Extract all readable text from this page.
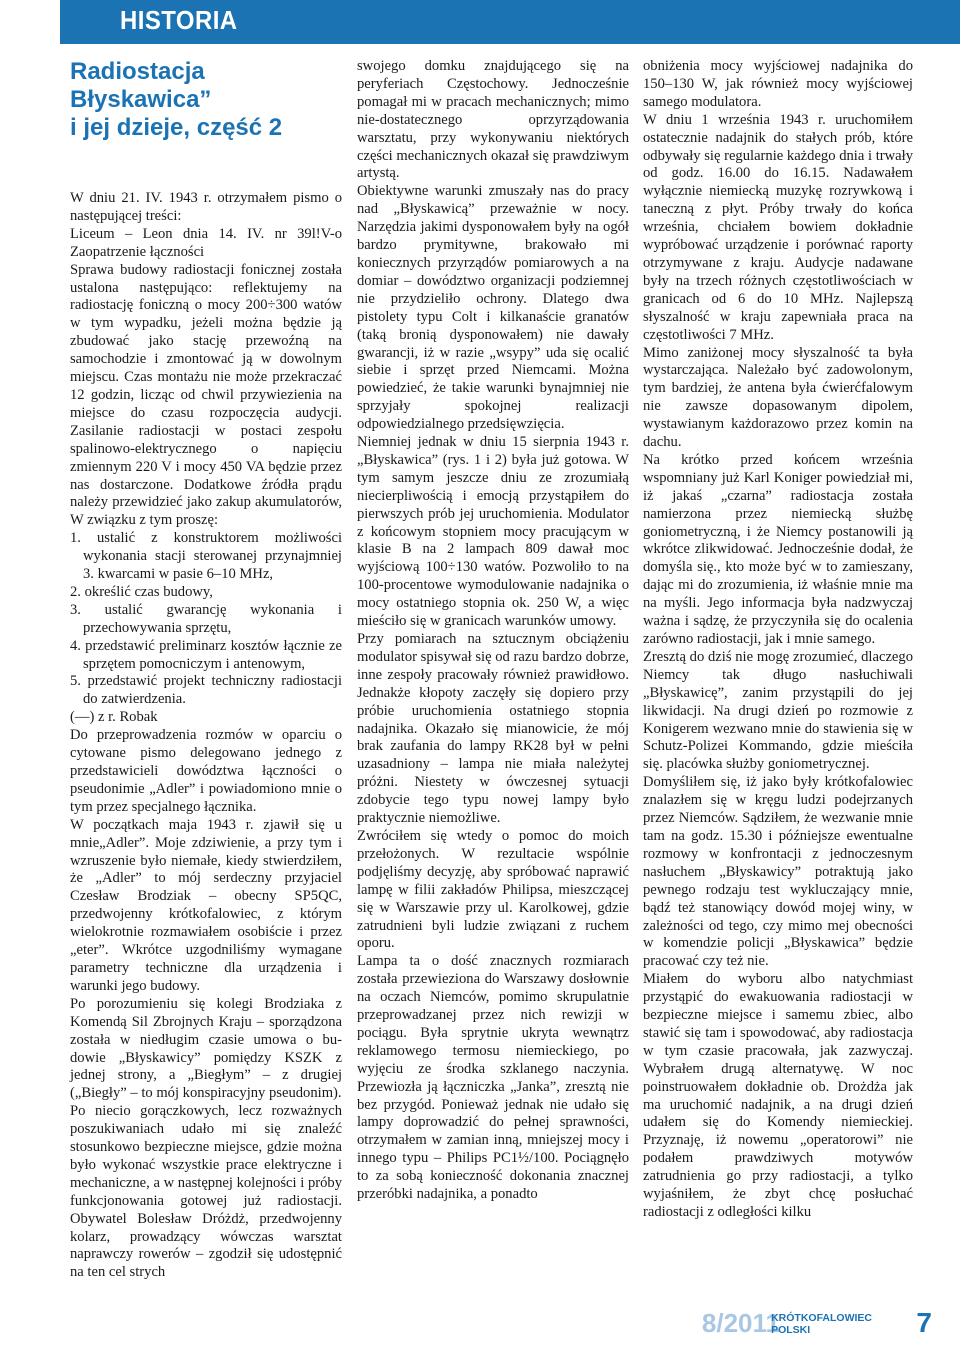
HISTORIA
Radiostacja Błyskawica”
i jej dzieje, część 2

W dniu 21. IV. 1943 r. otrzymałem pismo o następującej treści:

Liceum – Leon dnia 14. IV. nr 39l!V-o Zaopatrzenie łączności

Sprawa budowy radiostacji fonicznej została ustalona następująco: reflektujemy na radiostację foniczną o mocy 200÷300 watów w tym wypadku, jeżeli można będzie ją zbudować jako stację przewoźną na samochodzie i zmontować ją w dowolnym miejscu. Czas montażu nie może przekraczać 12 godzin, licząc od chwil przywiezienia na miejsce do czasu rozpoczęcia audycji. Zasilanie radiostacji w postaci zespołu spalinowo-elektrycznego o napięciu zmiennym 220 V i mocy 450 VA będzie przez nas dostarczone. Dodatkowe źródła prądu należy przewidzieć jako zakup akumulatorów, W związku z tym proszę:

1. ustalić z konstruktorem możliwości wykonania stacji sterowanej przynajmniej 3. kwarcami w pasie 6–10 MHz,
2. określić czas budowy,
3. ustalić gwarancję wykonania i przechowywania sprzętu,
4. przedstawić preliminarz kosztów łącznie ze sprzętem pomocniczym i antenowym,
5. przedstawić projekt techniczny radiostacji do zatwierdzenia.

(—) z r. Robak

Do przeprowadzenia rozmów w oparciu o cytowane pismo delegowano jednego z przedstawicieli dowództwa łączności o pseudonimie „Adler” i powiadomiono mnie o tym przez specjalnego łącznika.

W początkach maja 1943 r. zjawił się u mnie„Adler”. Moje zdziwienie, a przy tym i wzruszenie było niemałe, kiedy stwierdziłem, że „Adler” to mój serdeczny przyjaciel Czesław Brodziak – obecny SP5QC, przedwojenny krótkofalowiec, z którym wielokrotnie rozmawiałem osobiście i przez „eter”. Wkrótce uzgodniliśmy wymagane parametry techniczne dla urządzenia i warunki jego budowy.

Po porozumieniu się kolegi Brodziaka z Komendą Sil Zbrojnych Kraju – sporządzona została w niedługim czasie umowa o bu-dowie „Błyskawicy” pomiędzy KSZK z jednej strony, a „Biegłym” – z drugiej („Biegły” – to mój konspiracyjny pseudonim).

Po niecio gorączkowych, lecz rozważnych poszukiwaniach udało mi się znaleźć stosunkowo bezpieczne miejsce, gdzie można było wykonać wszystkie prace elektryczne i mechaniczne, a w następnej kolejności i próby funkcjonowania gotowej już radiostacji. Obywatel Bolesław Dróżdż, przedwojenny kolarz, prowadzący wówczas warsztat naprawczy rowerów – zgodził się udostępnić na ten cel strych

swojego domku znajdującego się na peryferiach Częstochowy. Jednocześnie pomagał mi w pracach mechanicznych; mimo nie-dostatecznego oprzyrządowania warsztatu, przy wykonywaniu niektórych części mechanicznych okazał się prawdziwym artystą.

Obiektywne warunki zmuszały nas do pracy nad „Błyskawicą” przeważnie w nocy. Narzędzia jakimi dysponowałem były na ogół bardzo prymitywne, brakowało mi koniecznych przyrządów pomiarowych a na domiar – dowództwo organizacji podziemnej nie przydzieliło ochrony. Dlatego dwa pistolety typu Colt i kilkanaście granatów (taką bronią dysponowałem) nie dawały gwarancji, iż w razie „wsypy” uda się ocalić siebie i sprzęt przed Niemcami. Można powiedzieć, że takie warunki bynajmniej nie sprzyjały spokojnej realizacji odpowiedzialnego przedsięwzięcia.

Niemniej jednak w dniu 15 sierpnia 1943 r. „Błyskawica” (rys. 1 i 2) była już gotowa. W tym samym jeszcze dniu ze zrozumiałą niecierpliwością i emocją przystąpiłem do pierwszych prób jej uruchomienia. Modulator z końcowym stopniem mocy pracującym w klasie B na 2 lampach 809 dawał moc wyjściową 100÷130 watów. Pozwoliło to na 100-procentowe wymodulowanie nadajnika o mocy ostatniego stopnia ok. 250 W, a więc mieściło się w granicach warunków umowy.

Przy pomiarach na sztucznym obciążeniu modulator spisywał się od razu bardzo dobrze, inne zespoły pracowały również prawidłowo. Jednakże kłopoty zaczęły się dopiero przy próbie uruchomienia ostatniego stopnia nadajnika. Okazało się mianowicie, że mój brak zaufania do lampy RK28 był w pełni uzasadniony – lampa nie miała należytej próżni. Niestety w ówczesnej sytuacji zdobycie tego typu nowej lampy było praktycznie niemożliwe.

Zwróciłem się wtedy o pomoc do moich przełożonych. W rezultacie wspólnie podjęliśmy decyzję, aby spróbować naprawić lampę w filii zakładów Philipsa, mieszczącej się w Warszawie przy ul. Karolkowej, gdzie zatrudnieni byli ludzie związani z ruchem oporu.

Lampa ta o dość znacznych rozmiarach została przewieziona do Warszawy dosłownie na oczach Niemców, pomimo skrupulatnie przeprowadzanej przez nich rewizji w pociągu. Była sprytnie ukryta wewnątrz reklamowego termosu niemieckiego, po wyjęciu ze środka szklanego naczynia. Przewiozła ją łączniczka „Janka”, zresztą nie bez przygód. Ponieważ jednak nie udało się lampy doprowadzić do pełnej sprawności, otrzymałem w zamian inną, mniejszej mocy i innego typu – Philips PC1½/100. Pociągnęło to za sobą konieczność dokonania znacznej przeróbki nadajnika, a ponadto

obniżenia mocy wyjściowej nadajnika do 150–130 W, jak również mocy wyjściowej samego modulatora.

W dniu 1 września 1943 r. uruchomiłem ostatecznie nadajnik do stałych prób, które odbywały się regularnie każdego dnia i trwały od godz. 16.00 do 16.15. Nadawałem wyłącznie niemiecką muzykę rozrywkową i taneczną z płyt. Próby trwały do końca września, chciałem bowiem dokładnie wypróbować urządzenie i porównać raporty otrzymywane z kraju. Audycje nadawane były na trzech różnych częstotliwościach w granicach od 6 do 10 MHz. Najlepszą słyszalność w kraju zapewniała praca na częstotliwości 7 MHz.

Mimo zaniżonej mocy słyszalność ta była wystarczająca. Należało być zadowolonym, tym bardziej, że antena była ćwierćfalowym nie zawsze dopasowanym dipolem, wystawianym każdorazowo przez komin na dachu.

Na krótko przed końcem września wspomniany już Karl Koniger powiedział mi, iż jakaś „czarna” radiostacja została namierzona przez niemiecką służbę goniometryczną, i że Niemcy postanowili ją wkrótce zlikwidować. Jednocześnie dodał, że domyśla się., kto może być w to zamieszany, dając mi do zrozumienia, iż właśnie mnie ma na myśli. Jego informacja była nadzwyczaj ważna i sądzę, że przyczyniła się do ocalenia zarówno radiostacji, jak i mnie samego.

Zresztą do dziś nie mogę zrozumieć, dlaczego Niemcy tak długo nasłuchiwali „Błyskawicę”, zanim przystąpili do jej likwidacji. Na drugi dzień po rozmowie z Konigerem wezwano mnie do stawienia się w Schutz-Polizei Kommando, gdzie mieściła się. placówka służby goniometrycznej.

Domyśliłem się, iż jako były krótkofalowiec znalazłem się w kręgu ludzi podejrzanych przez Niemców. Sądziłem, że wezwanie mnie tam na godz. 15.30 i późniejsze ewentualne rozmowy w konfrontacji z jednoczesnym nasłuchem „Błyskawicy” potraktują jako pewnego rodzaju test wykluczający mnie, bądź też stanowiący dowód mojej winy, w zależności od tego, czy mimo mej obecności w komendzie policji „Błyskawica” będzie pracować czy też nie.

Miałem do wyboru albo natychmiast przystąpić do ewakuowania radiostacji w bezpieczne miejsce i samemu zbiec, albo stawić się tam i spowodować, aby radiostacja w tym czasie pracowała, jak zazwyczaj. Wybrałem drugą alternatywę. W noc poinstruowałem dokładnie ob. Drożdża jak ma uruchomić nadajnik, a na drugi dzień udałem się do Komendy niemieckiej. Przyznaję, iż nowemu „operatorowi” nie podałem prawdziwych motywów zatrudnienia go przy radiostacji, a tylko wyjaśniłem, że zbyt chcę posłuchać radiostacji z odległości kilku

8/2011
KRÓTKOFALOWIEC
POLSKI	7
